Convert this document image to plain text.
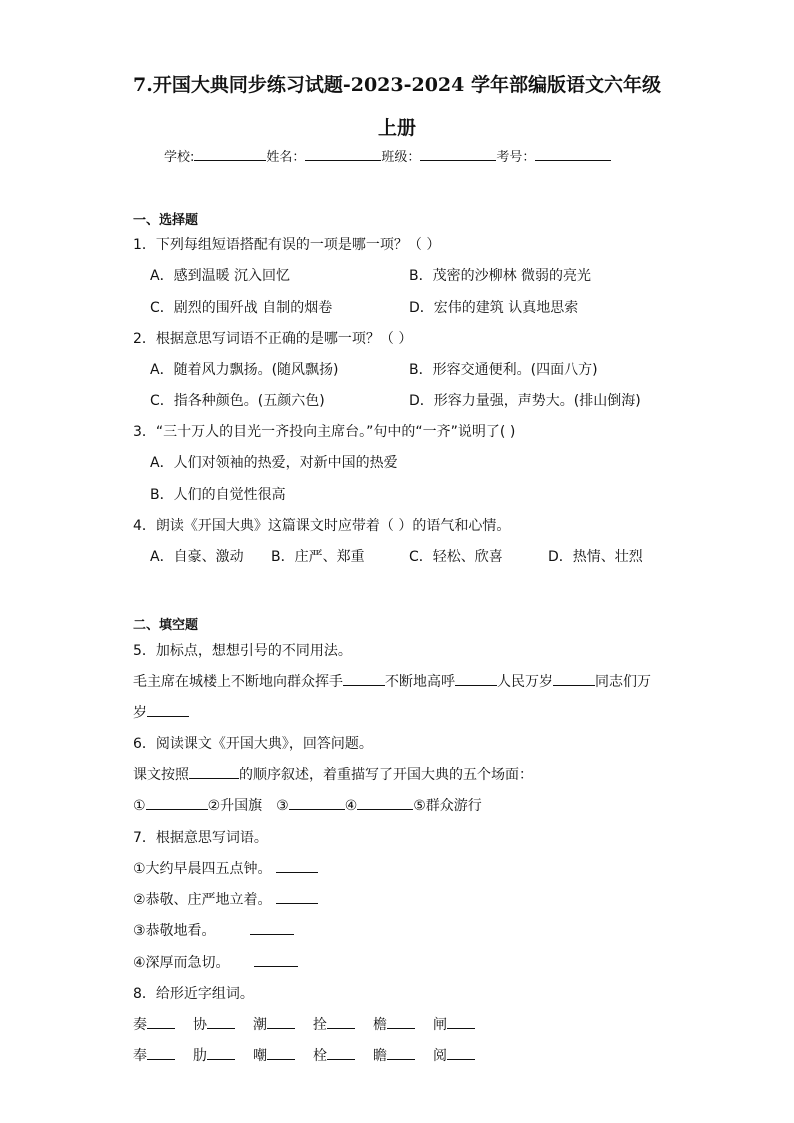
7.开国大典同步练习试题-2023-2024 学年部编版语文六年级
上册
学校:	姓名：	班级：	考号：
一、选择题
1．下列每组短语搭配有误的一项是哪一项？（ ）
A．感到温暖 沉入回忆	B．茂密的沙柳林 微弱的亮光
C．剧烈的围歼战 自制的烟卷	D．宏伟的建筑 认真地思索
2．根据意思写词语不正确的是哪一项？（ ）
A．随着风力飘扬。(随风飘扬)	B．形容交通便利。(四面八方)
C．指各种颜色。(五颜六色)	D．形容力量强，声势大。(排山倒海)
3．“三十万人的目光一齐投向主席台。”句中的“一齐”说明了( )
A．人们对领袖的热爱，对新中国的热爱
B．人们的自觉性很高
4．朗读《开国大典》这篇课文时应带着（ ）的语气和心情。
A．自豪、激动 B．庄严、郑重	C．轻松、欣喜	D．热情、壮烈
二、填空题
5．加标点，想想引号的不同用法。
毛主席在城楼上不断地向群众挥手	不断地高呼	人民万岁	同志们万
岁
6．阅读课文《开国大典》，回答问题。
课文按照	的顺序叙述，着重描写了开国大典的五个场面：
①	②升国旗 ③	④	⑤群众游行
7．根据意思写词语。
①大约早晨四五点钟。
②恭敬、庄严地立着。
③恭敬地看。
④深厚而急切。
8．给形近字组词。
奏	协	潮	拴	檐	闸
奉	肋	嘲	栓	瞻	阅
